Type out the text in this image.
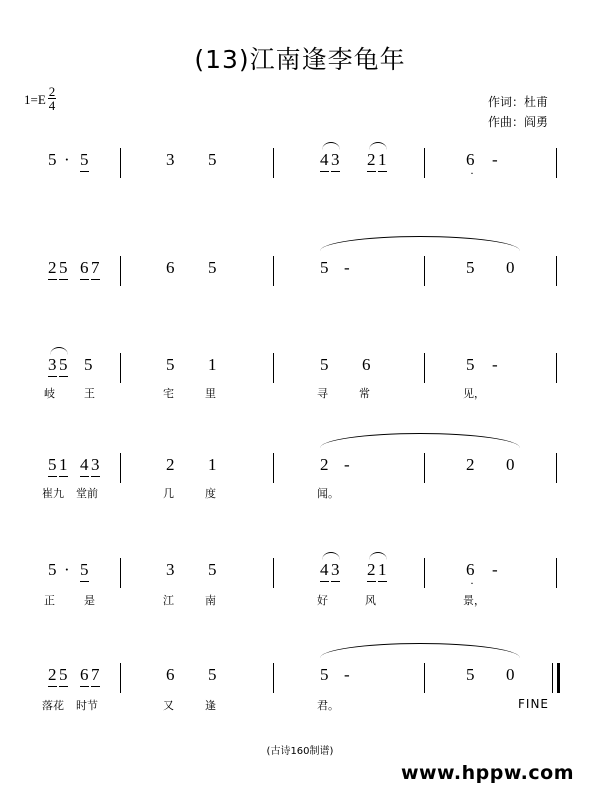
(13)江南逢李龟年
$1=E \frac{2}{4}$	作词：杜甫
作曲：阎勇
5 · 5	3 5	4 3 2 1	6
·
-
2 5 6 7	6 5	5 -	5 0
3 5 5	5 1	5 6	5 -
岐	王	宅	里	寻	常	见，
5 1 4 3	2 1	2 -	2 0
崔九 堂前	几	度	闻。
5 · 5	3 5	4 3 2 1	6
·
-
正	是	江	南	好	风	景，
2 5 6 7	6 5	5 -	5 0
落花 时节	又	逢	君。	FINE
(古诗160制谱)
www.hppw.com
